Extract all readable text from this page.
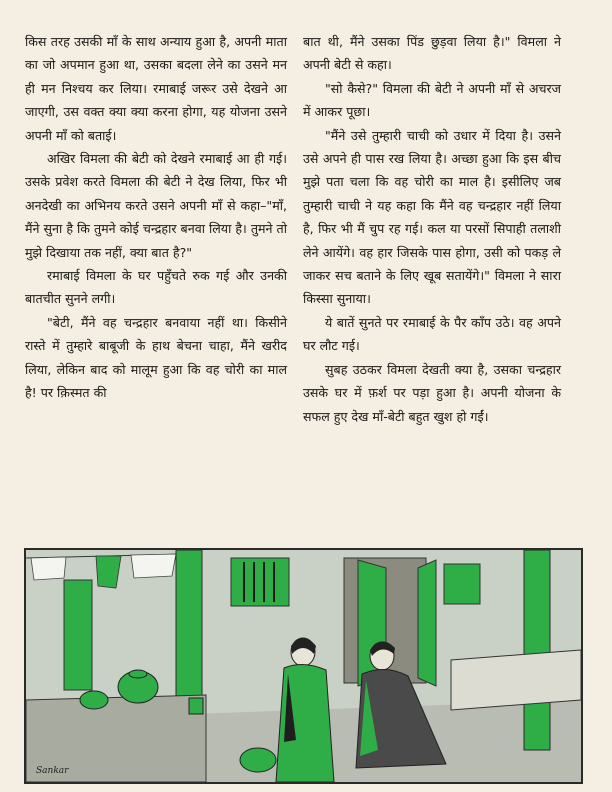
किस तरह उसकी माँ के साथ अन्याय हुआ है, अपनी माता का जो अपमान हुआ था, उसका बदला लेने का उसने मन ही मन निश्चय कर लिया। रमाबाई जरूर उसे देखने आ जाएगी, उस वक्त क्या क्या करना होगा, यह योजना उसने अपनी माँ को बताई।

अखिर विमला की बेटी को देखने रमाबाई आ ही गई। उसके प्रवेश करते विमला की बेटी ने देख लिया, फिर भी अनदेखी का अभिनय करते उसने अपनी माँ से कहा–"माँ, मैंने सुना है कि तुमने कोई चन्द्रहार बनवा लिया है। तुमने तो मुझे दिखाया तक नहीं, क्या बात है?"

रमाबाई विमला के घर पहुँचते रुक गई और उनकी बातचीत सुनने लगी।

"बेटी, मैंने वह चन्द्रहार बनवाया नहीं था। किसीने रास्ते में तुम्हारे बाबूजी के हाथ बेचना चाहा, मैंने खरीद लिया, लेकिन बाद को मालूम हुआ कि वह चोरी का माल है! पर क़िस्मत की

बात थी, मैंने उसका पिंड छुड़वा लिया है।" विमला ने अपनी बेटी से कहा।

"सो कैसे?" विमला की बेटी ने अपनी माँ से अचरज में आकर पूछा।

"मैंने उसे तुम्हारी चाची को उधार में दिया है। उसने उसे अपने ही पास रख लिया है। अच्छा हुआ कि इस बीच मुझे पता चला कि वह चोरी का माल है। इसीलिए जब तुम्हारी चाची ने यह कहा कि मैंने वह चन्द्रहार नहीं लिया है, फिर भी मैं चुप रह गई। कल या परसों सिपाही तलाशी लेने आयेंगे। वह हार जिसके पास होगा, उसी को पकड़ ले जाकर सच बताने के लिए खूब सतायेंगे।" विमला ने सारा किस्सा सुनाया।

ये बातें सुनते पर रमाबाई के पैर काँप उठे। वह अपने घर लौट गई।

सुबह उठकर विमला देखती क्या है, उसका चन्द्रहार उसके घर में फ़र्श पर पड़ा हुआ है। अपनी योजना के सफल हुए देख माँ-बेटी बहुत खुश हो गईं।

Sankar
